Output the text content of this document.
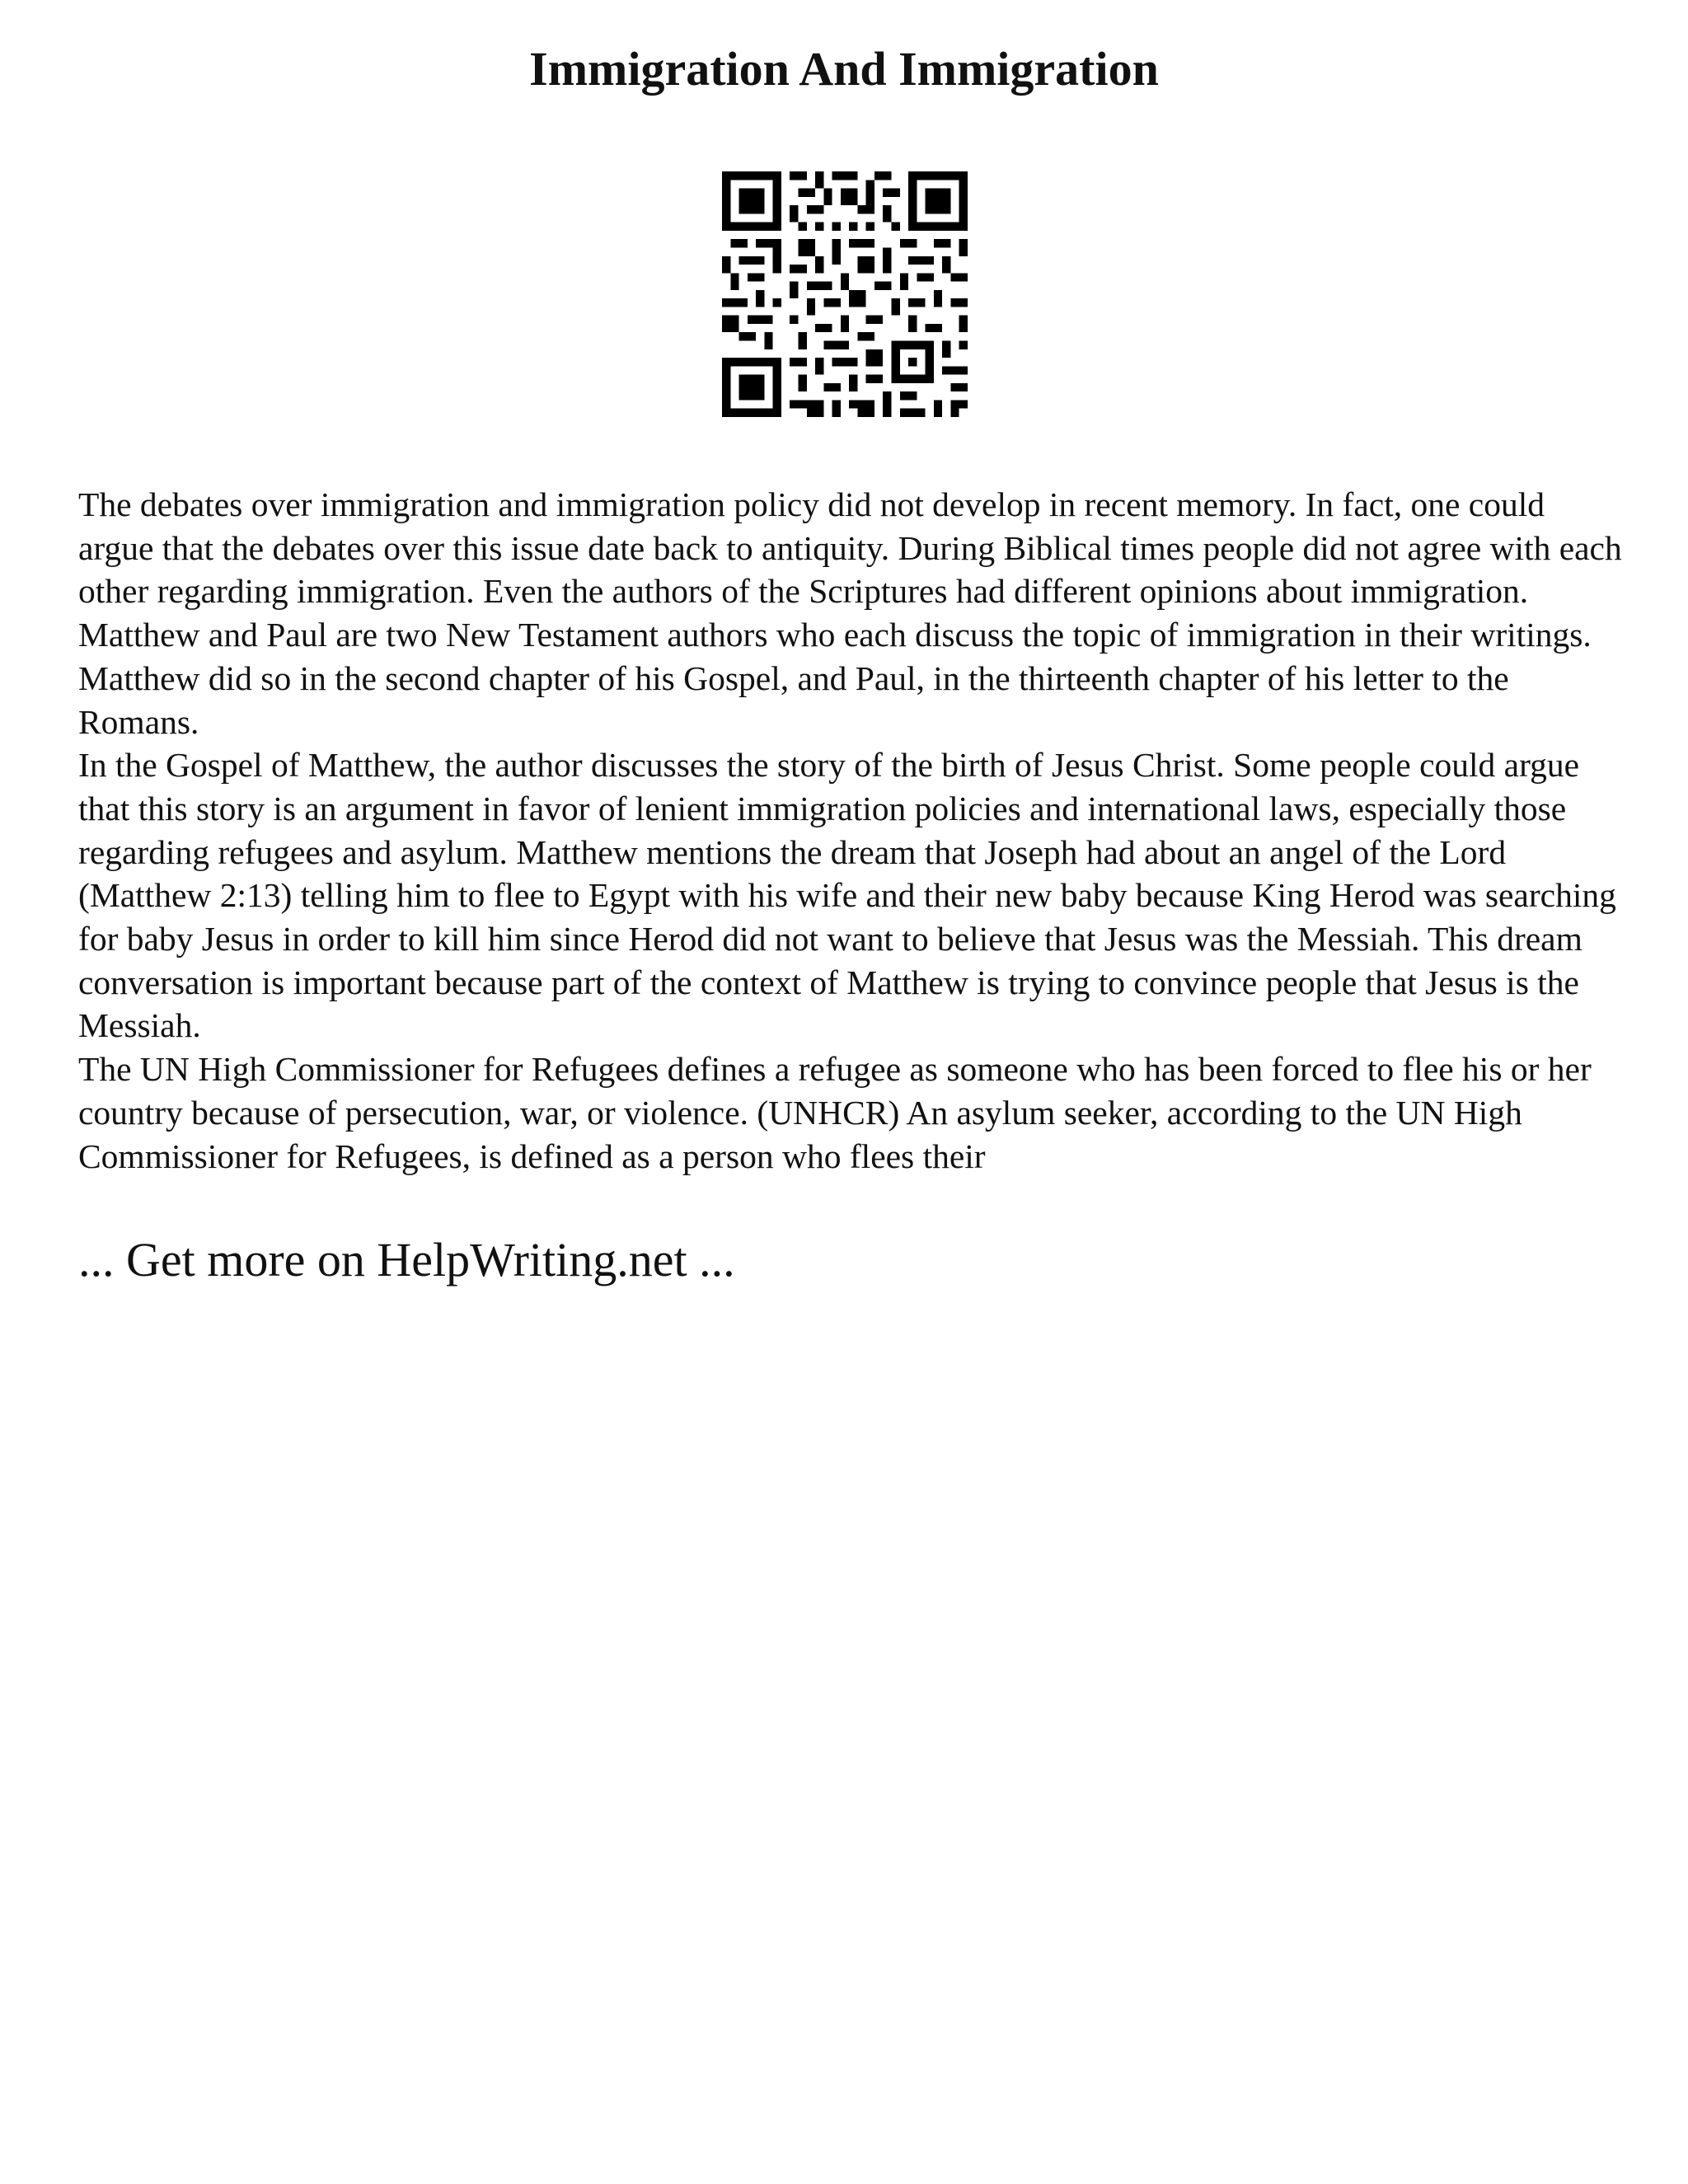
Immigration And Immigration

The debates over immigration and immigration policy did not develop in recent memory. In fact, one could argue that the debates over this issue date back to antiquity. During Biblical times people did not agree with each other regarding immigration. Even the authors of the Scriptures had different opinions about immigration. Matthew and Paul are two New Testament authors who each discuss the topic of immigration in their writings. Matthew did so in the second chapter of his Gospel, and Paul, in the thirteenth chapter of his letter to the Romans.

In the Gospel of Matthew, the author discusses the story of the birth of Jesus Christ. Some people could argue that this story is an argument in favor of lenient immigration policies and international laws, especially those regarding refugees and asylum. Matthew mentions the dream that Joseph had about an angel of the Lord (Matthew 2:13) telling him to flee to Egypt with his wife and their new baby because King Herod was searching for baby Jesus in order to kill him since Herod did not want to believe that Jesus was the Messiah. This dream conversation is important because part of the context of Matthew is trying to convince people that Jesus is the Messiah.

The UN High Commissioner for Refugees defines a refugee as someone who has been forced to flee his or her country because of persecution, war, or violence. (UNHCR) An asylum seeker, according to the UN High Commissioner for Refugees, is defined as a person who flees their

... Get more on HelpWriting.net ...
